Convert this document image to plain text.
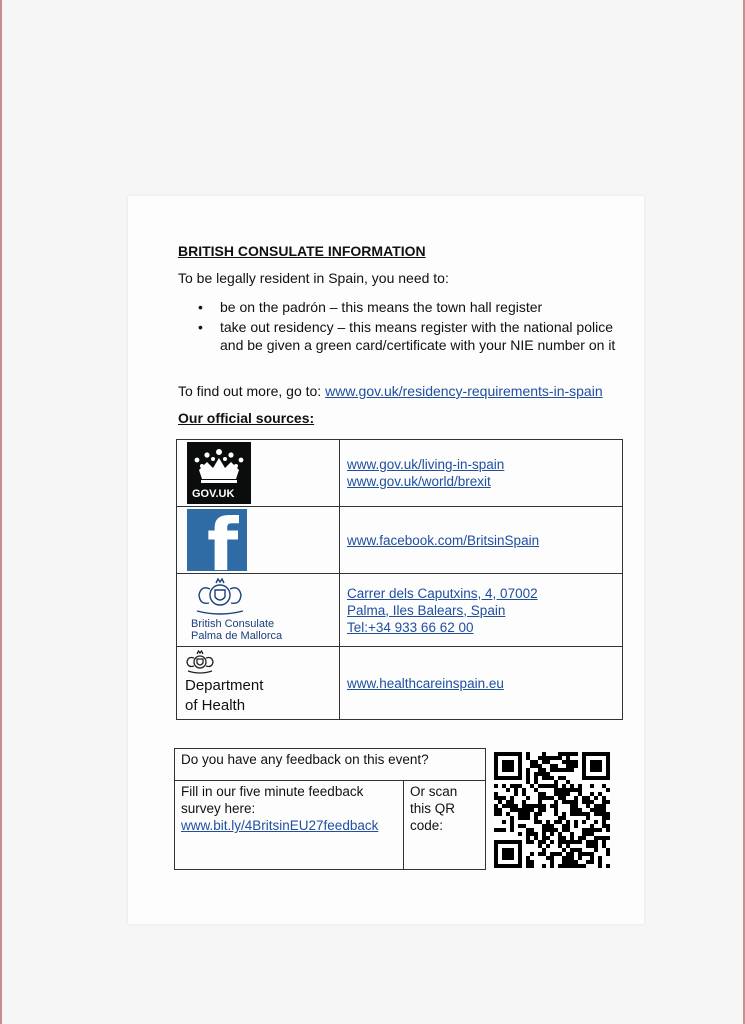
BRITISH CONSULATE INFORMATION
To be legally resident in Spain, you need to:
• be on the padrón – this means the town hall register
• take out residency – this means register with the national police and be given a green card/certificate with your NIE number on it
To find out more, go to: www.gov.uk/residency-requirements-in-spain
Our official sources:
GOV.UK	www.gov.uk/living-in-spain
www.gov.uk/world/brexit

f	www.facebook.com/BritsinSpain

British Consulate
Palma de Mallorca	Carrer dels Caputxins, 4, 07002
Palma, Iles Balears, Spain
Tel:+34 933 66 62 00

Department
of Health	www.healthcareinspain.eu
Do you have any feedback on this event?
Fill in our five minute feedback survey here:
www.bit.ly/4BritsinEU27feedback	Or scan this QR code:
